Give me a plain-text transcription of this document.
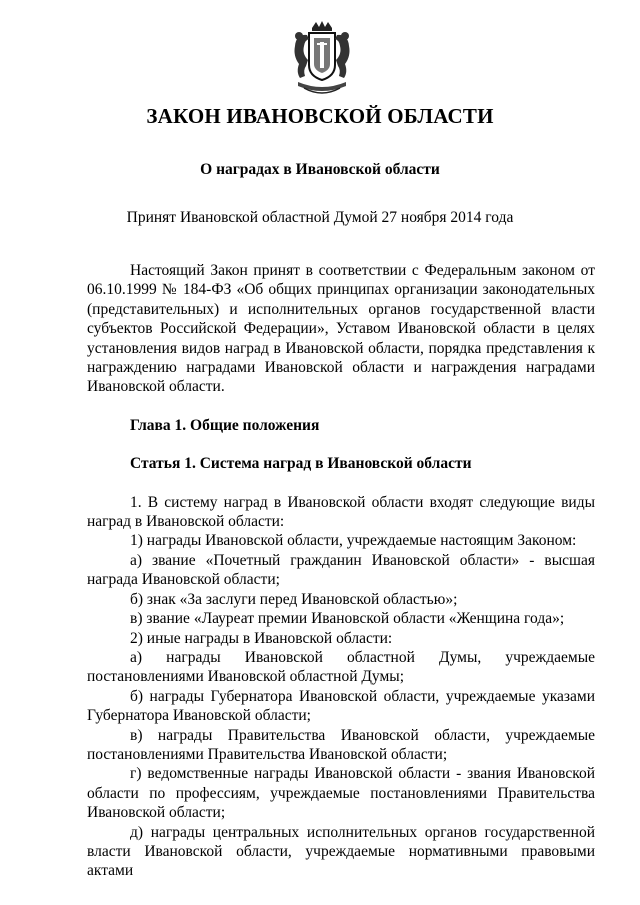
ЗАКОН ИВАНОВСКОЙ ОБЛАСТИ
О наградах в Ивановской области
Принят Ивановской областной Думой 27 ноября 2014 года

Настоящий Закон принят в соответствии с Федеральным законом от 06.10.1999 № 184-ФЗ «Об общих принципах организации законодательных (представительных) и исполнительных органов государственной власти субъектов Российской Федерации», Уставом Ивановской области в целях установления видов наград в Ивановской области, порядка представления к награждению наградами Ивановской области и награждения наградами Ивановской области.

Глава 1. Общие положения

Статья 1. Система наград в Ивановской области

1. В систему наград в Ивановской области входят следующие виды наград в Ивановской области:

1) награды Ивановской области, учреждаемые настоящим Законом:

а) звание «Почетный гражданин Ивановской области» - высшая награда Ивановской области;

б) знак «За заслуги перед Ивановской областью»;

в) звание «Лауреат премии Ивановской области «Женщина года»;

2) иные награды в Ивановской области:

а) награды Ивановской областной Думы, учреждаемые постановлениями Ивановской областной Думы;

б) награды Губернатора Ивановской области, учреждаемые указами Губернатора Ивановской области;

в) награды Правительства Ивановской области, учреждаемые постановлениями Правительства Ивановской области;

г) ведомственные награды Ивановской области - звания Ивановской области по профессиям, учреждаемые постановлениями Правительства Ивановской области;

д) награды центральных исполнительных органов государственной власти Ивановской области, учреждаемые нормативными правовыми актами
